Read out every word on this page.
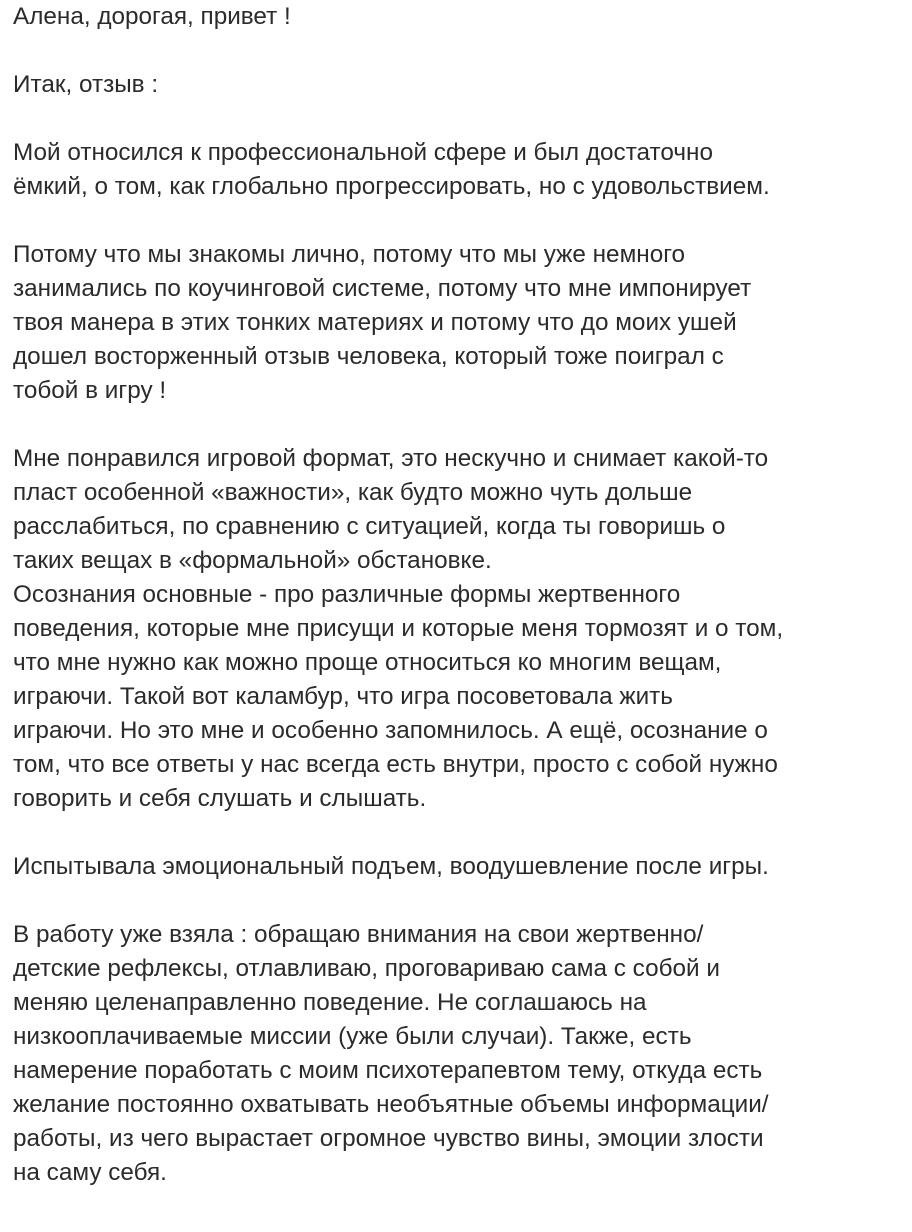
Алена, дорогая, привет !
Итак, отзыв :
Мой относился к профессиональной сфере и был достаточно
ёмкий, о том, как глобально прогрессировать, но с удовольствием.
Потому что мы знакомы лично, потому что мы уже немного
занимались по коучинговой системе, потому что мне импонирует
твоя манера в этих тонких материях и потому что до моих ушей
дошел восторженный отзыв человека, который тоже поиграл с
тобой в игру !
Мне понравился игровой формат, это нескучно и снимает какой-то
пласт особенной «важности», как будто можно чуть дольше
расслабиться, по сравнению с ситуацией, когда ты говоришь о
таких вещах в «формальной» обстановке.
Осознания основные - про различные формы жертвенного
поведения, которые мне присущи и которые меня тормозят и о том,
что мне нужно как можно проще относиться ко многим вещам,
играючи. Такой вот каламбур, что игра посоветовала жить
играючи. Но это мне и особенно запомнилось. А ещё, осознание о
том, что все ответы у нас всегда есть внутри, просто с собой нужно
говорить и себя слушать и слышать.
Испытывала эмоциональный подъем, воодушевление после игры.
В работу уже взяла : обращаю внимания на свои жертвенно/
детские рефлексы, отлавливаю, проговариваю сама с собой и
меняю целенаправленно поведение. Не соглашаюсь на
низкооплачиваемые миссии (уже были случаи). Также, есть
намерение поработать с моим психотерапевтом тему, откуда есть
желание постоянно охватывать необъятные объемы информации/
работы, из чего вырастает огромное чувство вины, эмоции злости
на саму себя.
